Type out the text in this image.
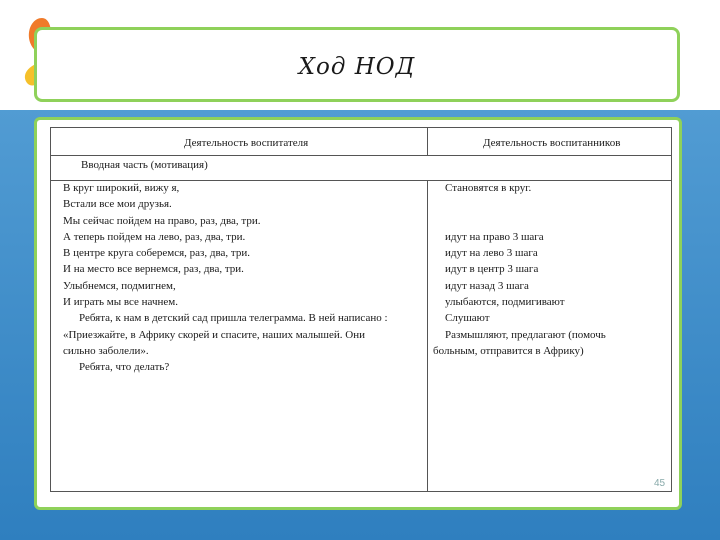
Ход НОД
Деятельность воспитателя	Деятельность воспитанников
Вводная часть (мотивация)
В круг широкий, вижу я,
Встали все мои друзья.
Мы сейчас пойдем на право, раз, два, три.
А теперь пойдем на лево, раз, два, три.
В центре круга соберемся, раз, два, три.
И на место все вернемся, раз, два, три.
Улыбнемся, подмигнем,
И играть мы все начнем.
Ребята, к нам в детский сад пришла телеграмма. В ней написано :
«Приезжайте, в Африку скорей и спасите, наших малышей. Они
сильно заболели».
Ребята, что делать?
Становятся в круг.

идут на право 3 шага
идут на лево 3 шага
идут в центр 3 шага
идут назад 3 шага
улыбаются, подмигивают
Слушают
Размышляют, предлагают (помочь
больным, отправится в Африку)
45
